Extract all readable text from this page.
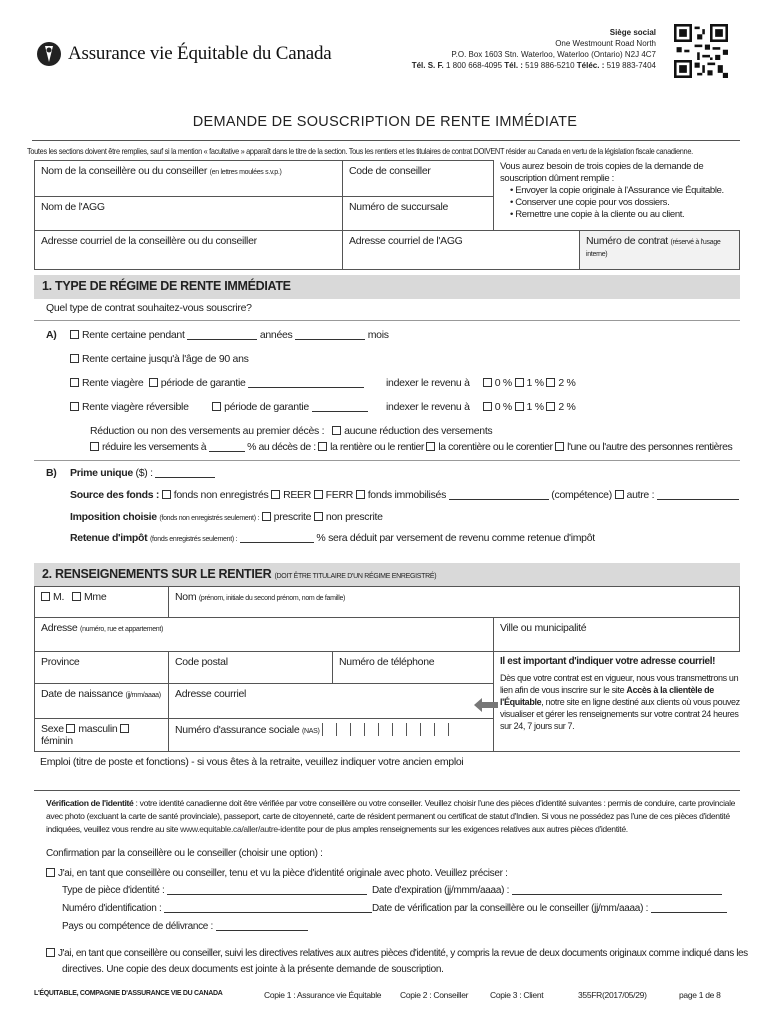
Assurance vie Équitable du Canada
Siège social
One Westmount Road North
P.O. Box 1603 Stn. Waterloo, Waterloo (Ontario) N2J 4C7
Tél. S. F. 1 800 668-4095 Tél. : 519 886-5210 Téléc. : 519 883-7404
DEMANDE DE SOUSCRIPTION DE RENTE IMMÉDIATE
Toutes les sections doivent être remplies, sauf si la mention « facultative » apparaît dans le titre de la section. Tous les rentiers et les titulaires de contrat DOIVENT résider au Canada en vertu de la législation fiscale canadienne.
Nom de la conseillère ou du conseiller (en lettres moulées s.v.p.)	Code de conseiller
Nom de l'AGG	Numéro de succursale
Adresse courriel de la conseillère ou du conseiller	Adresse courriel de l'AGG	Numéro de contrat (réservé à l'usage interne)
Vous aurez besoin de trois copies de la demande de souscription dûment remplie :
• Envoyer la copie originale à l'Assurance vie Équitable.
• Conserver une copie pour vos dossiers.
• Remettre une copie à la cliente ou au client.
1. TYPE DE RÉGIME DE RENTE IMMÉDIATE
Quel type de contrat souhaitez-vous souscrire?
A)	Rente certaine pendant	années	mois
Rente certaine jusqu'à l'âge de 90 ans
Rente viagère période de garantie	indexer le revenu à 0 % 1 % 2 %
Rente viagère réversible	période de garantie	indexer le revenu à 0 % 1 % 2 %
Réduction ou non des versements au premier décès : aucune réduction des versements
réduire les versements à	% au décès de : la rentière ou le rentier la corentière ou le corentier l'une ou l'autre des personnes rentières
B) Prime unique ($) :
Source des fonds : fonds non enregistrés REER FERR fonds immobilisés	(compétence) autre :
Imposition choisie (fonds non enregistrés seulement) : prescrite non prescrite
Retenue d'impôt (fonds enregistrés seulement) :	% sera déduit par versement de revenu comme retenue d'impôt
2. RENSEIGNEMENTS SUR LE RENTIER (DOIT ÊTRE TITULAIRE D'UN RÉGIME ENREGISTRÉ)
M. Mme	Nom (prénom, initiale du second prénom, nom de famille)
Adresse (numéro, rue et appartement)	Ville ou municipalité
Province	Code postal	Numéro de téléphone
Date de naissance (jj/mm/aaaa)	Adresse courriel
Sexe masculin féminin
Numéro d'assurance sociale (NAS)
Il est important d'indiquer votre adresse courriel!
Dès que votre contrat est en vigueur, nous vous transmettrons un lien afin de vous inscrire sur le site Accès à la clientèle de l'Équitable, notre site en ligne destiné aux clients où vous pouvez visualiser et gérer les renseignements sur votre contrat 24 heures sur 24, 7 jours sur 7.
Emploi (titre de poste et fonctions) - si vous êtes à la retraite, veuillez indiquer votre ancien emploi
Vérification de l'identité : votre identité canadienne doit être vérifiée par votre conseillère ou votre conseiller. Veuillez choisir l'une des pièces d'identité suivantes : permis de conduire, carte provinciale avec photo (excluant la carte de santé provinciale), passeport, carte de citoyenneté, carte de résident permanent ou certificat de statut d'Indien. Si vous ne possédez pas l'une de ces pièces d'identité indiquées, veuillez vous rendre au site www.equitable.ca/aller/autre-identite pour de plus amples renseignements sur les exigences relatives aux autres pièces d'identité.
Confirmation par la conseillère ou le conseiller (choisir une option) :
J'ai, en tant que conseillère ou conseiller, tenu et vu la pièce d'identité originale avec photo. Veuillez préciser :
Type de pièce d'identité :	Date d'expiration (jj/mmm/aaaa) :
Numéro d'identification :	Date de vérification par la conseillère ou le conseiller (jj/mm/aaaa) :
Pays ou compétence de délivrance :
J'ai, en tant que conseillère ou conseiller, suivi les directives relatives aux autres pièces d'identité, y compris la revue de deux documents originaux comme indiqué dans les
directives. Une copie des deux documents est jointe à la présente demande de souscription.
L'ÉQUITABLE, COMPAGNIE D'ASSURANCE VIE DU CANADA	Copie 1 : Assurance vie Équitable Copie 2 : Conseiller	Copie 3 : Client	355FR(2017/05/29)	page 1 de 8
